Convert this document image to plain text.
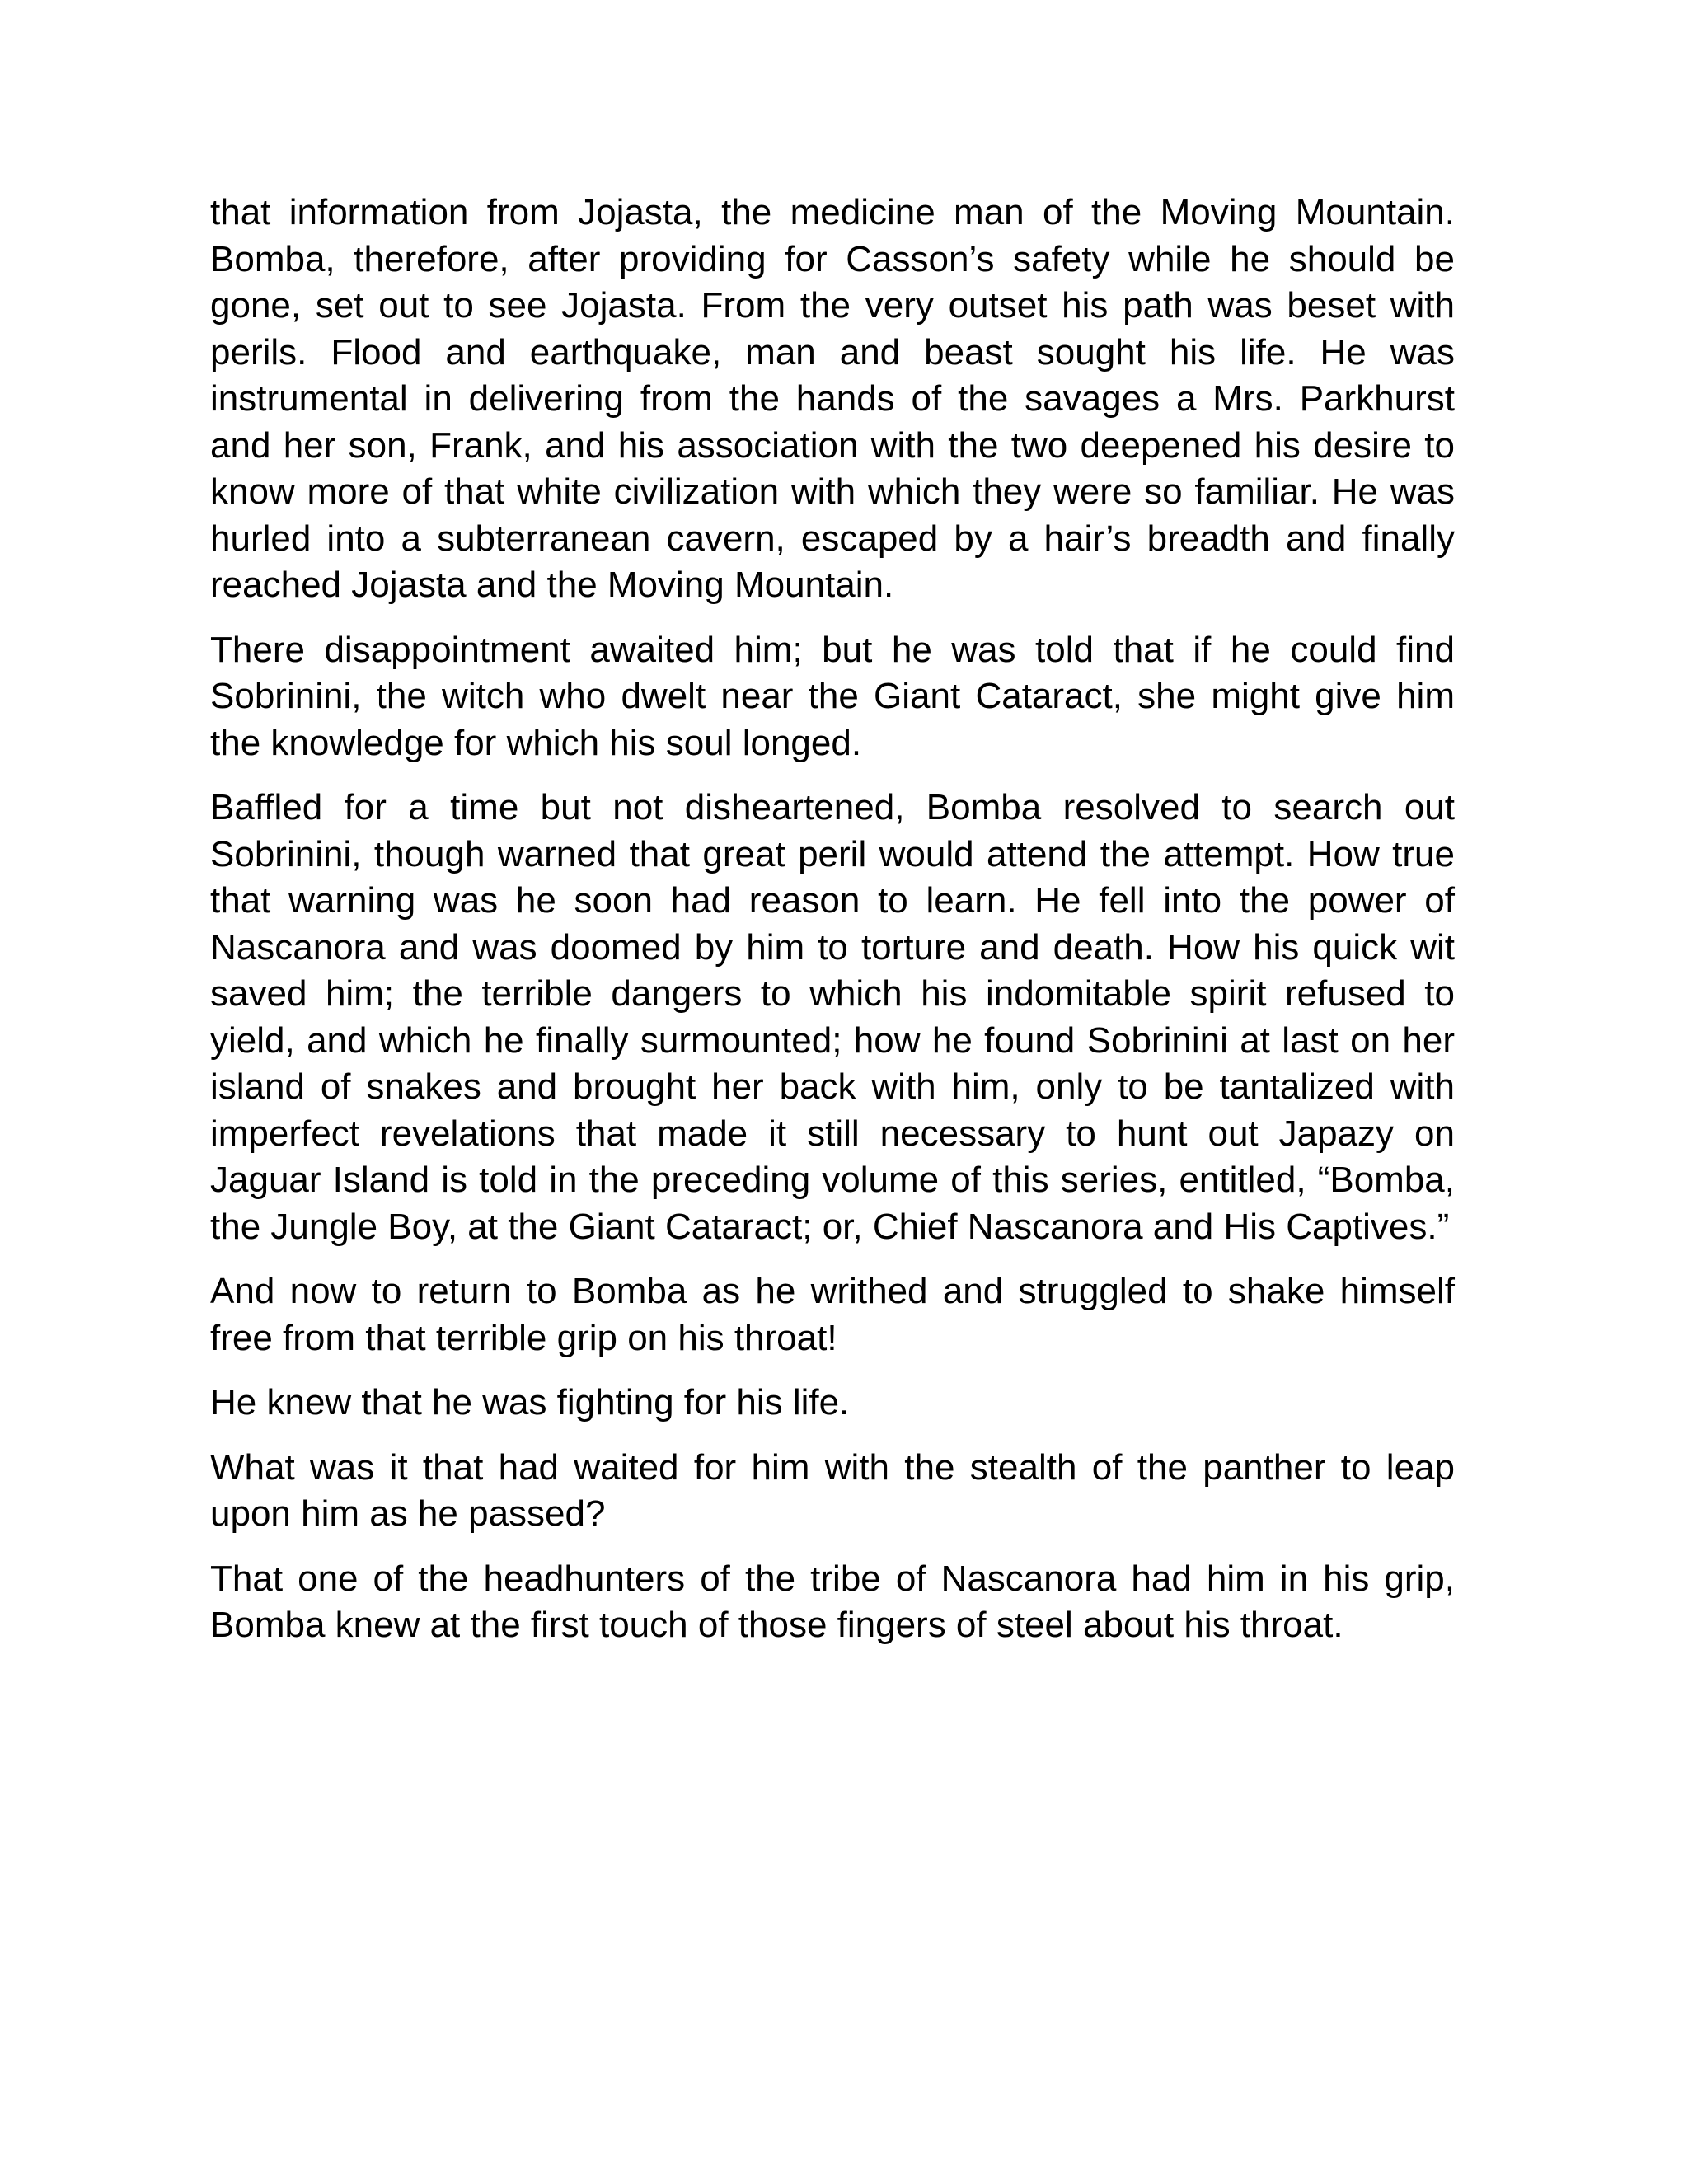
that information from Jojasta, the medicine man of the Moving Mountain. Bomba, therefore, after providing for Casson’s safety while he should be gone, set out to see Jojasta. From the very outset his path was beset with perils. Flood and earthquake, man and beast sought his life. He was instrumental in delivering from the hands of the savages a Mrs. Parkhurst and her son, Frank, and his association with the two deepened his desire to know more of that white civilization with which they were so familiar. He was hurled into a subterranean cavern, escaped by a hair’s breadth and finally reached Jojasta and the Moving Mountain.

There disappointment awaited him; but he was told that if he could find Sobrinini, the witch who dwelt near the Giant Cataract, she might give him the knowledge for which his soul longed.

Baffled for a time but not disheartened, Bomba resolved to search out Sobrinini, though warned that great peril would attend the attempt. How true that warning was he soon had reason to learn. He fell into the power of Nascanora and was doomed by him to torture and death. How his quick wit saved him; the terrible dangers to which his indomitable spirit refused to yield, and which he finally surmounted; how he found Sobrinini at last on her island of snakes and brought her back with him, only to be tantalized with imperfect revelations that made it still necessary to hunt out Japazy on Jaguar Island is told in the preceding volume of this series, entitled, “Bomba, the Jungle Boy, at the Giant Cataract; or, Chief Nascanora and His Captives.”

And now to return to Bomba as he writhed and struggled to shake himself free from that terrible grip on his throat!

He knew that he was fighting for his life.

What was it that had waited for him with the stealth of the panther to leap upon him as he passed?

That one of the headhunters of the tribe of Nascanora had him in his grip, Bomba knew at the first touch of those fingers of steel about his throat.
